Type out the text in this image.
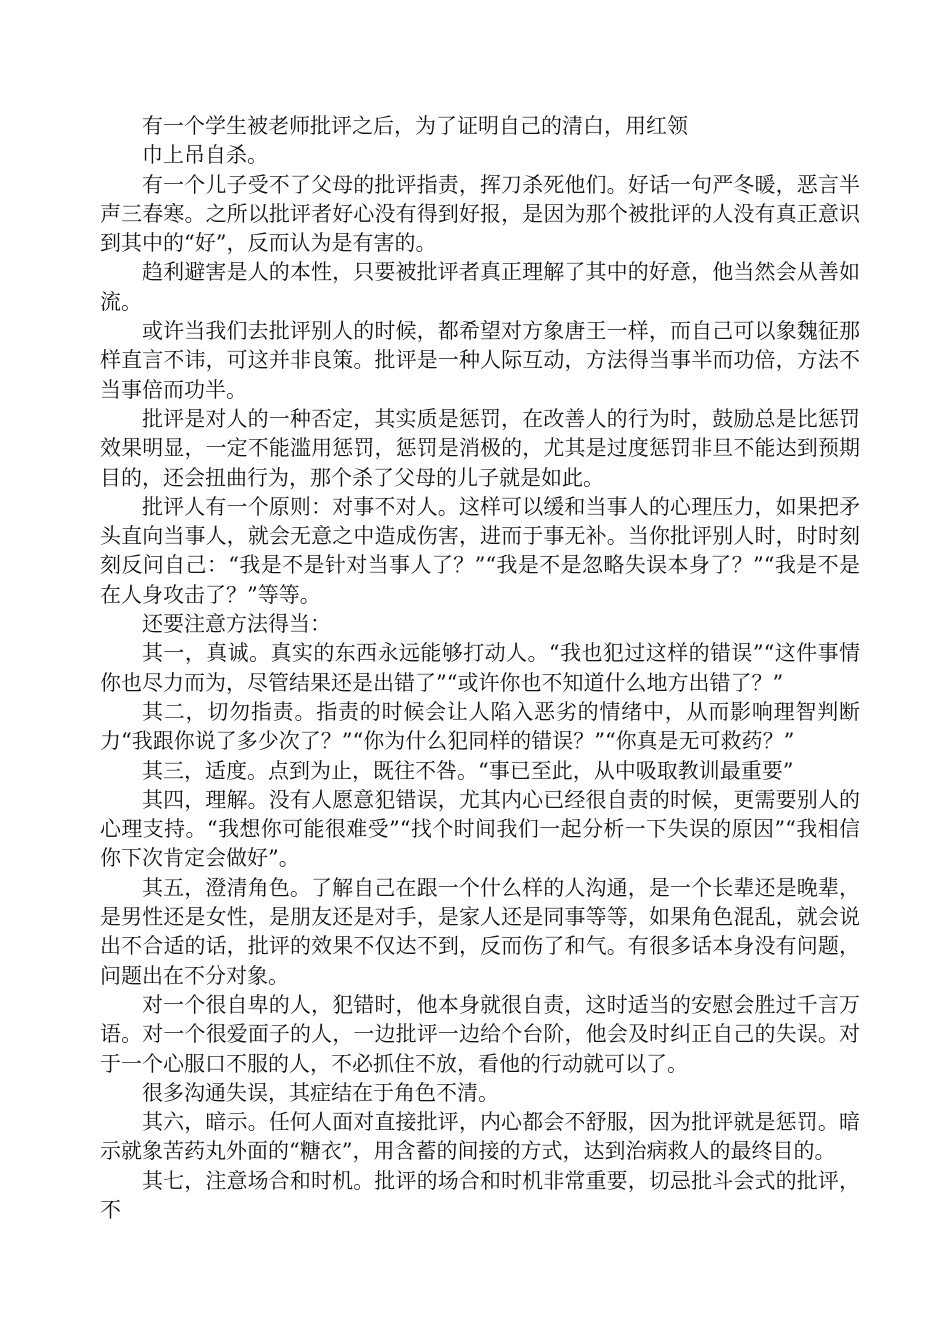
有一个学生被老师批评之后，为了证明自己的清白，用红领

巾上吊自杀。

有一个儿子受不了父母的批评指责，挥刀杀死他们。好话一句严冬暖，恶言半声三春寒。之所以批评者好心没有得到好报，是因为那个被批评的人没有真正意识到其中的“好”，反而认为是有害的。

趋利避害是人的本性，只要被批评者真正理解了其中的好意，他当然会从善如流。

或许当我们去批评别人的时候，都希望对方象唐王一样，而自己可以象魏征那样直言不讳，可这并非良策。批评是一种人际互动，方法得当事半而功倍，方法不当事倍而功半。

批评是对人的一种否定，其实质是惩罚，在改善人的行为时，鼓励总是比惩罚效果明显，一定不能滥用惩罚，惩罚是消极的，尤其是过度惩罚非旦不能达到预期目的，还会扭曲行为，那个杀了父母的儿子就是如此。

批评人有一个原则：对事不对人。这样可以缓和当事人的心理压力，如果把矛头直向当事人，就会无意之中造成伤害，进而于事无补。当你批评别人时，时时刻刻反问自己：“我是不是针对当事人了？”“我是不是忽略失误本身了？”“我是不是在人身攻击了？”等等。

还要注意方法得当：

其一，真诚。真实的东西永远能够打动人。“我也犯过这样的错误”“这件事情你也尽力而为，尽管结果还是出错了”“或许你也不知道什么地方出错了？”

其二，切勿指责。指责的时候会让人陷入恶劣的情绪中，从而影响理智判断力“我跟你说了多少次了？”“你为什么犯同样的错误？”“你真是无可救药？”

其三，适度。点到为止，既往不咎。“事已至此，从中吸取教训最重要”

其四，理解。没有人愿意犯错误，尤其内心已经很自责的时候，更需要别人的心理支持。“我想你可能很难受”“找个时间我们一起分析一下失误的原因”“我相信你下次肯定会做好”。

其五，澄清角色。了解自己在跟一个什么样的人沟通，是一个长辈还是晚辈，是男性还是女性，是朋友还是对手，是家人还是同事等等，如果角色混乱，就会说出不合适的话，批评的效果不仅达不到，反而伤了和气。有很多话本身没有问题，问题出在不分对象。

对一个很自卑的人，犯错时，他本身就很自责，这时适当的安慰会胜过千言万语。对一个很爱面子的人，一边批评一边给个台阶，他会及时纠正自己的失误。对于一个心服口不服的人，不必抓住不放，看他的行动就可以了。

很多沟通失误，其症结在于角色不清。

其六，暗示。任何人面对直接批评，内心都会不舒服，因为批评就是惩罚。暗示就象苦药丸外面的“糖衣”，用含蓄的间接的方式，达到治病救人的最终目的。

其七，注意场合和时机。批评的场合和时机非常重要，切忌批斗会式的批评，不
